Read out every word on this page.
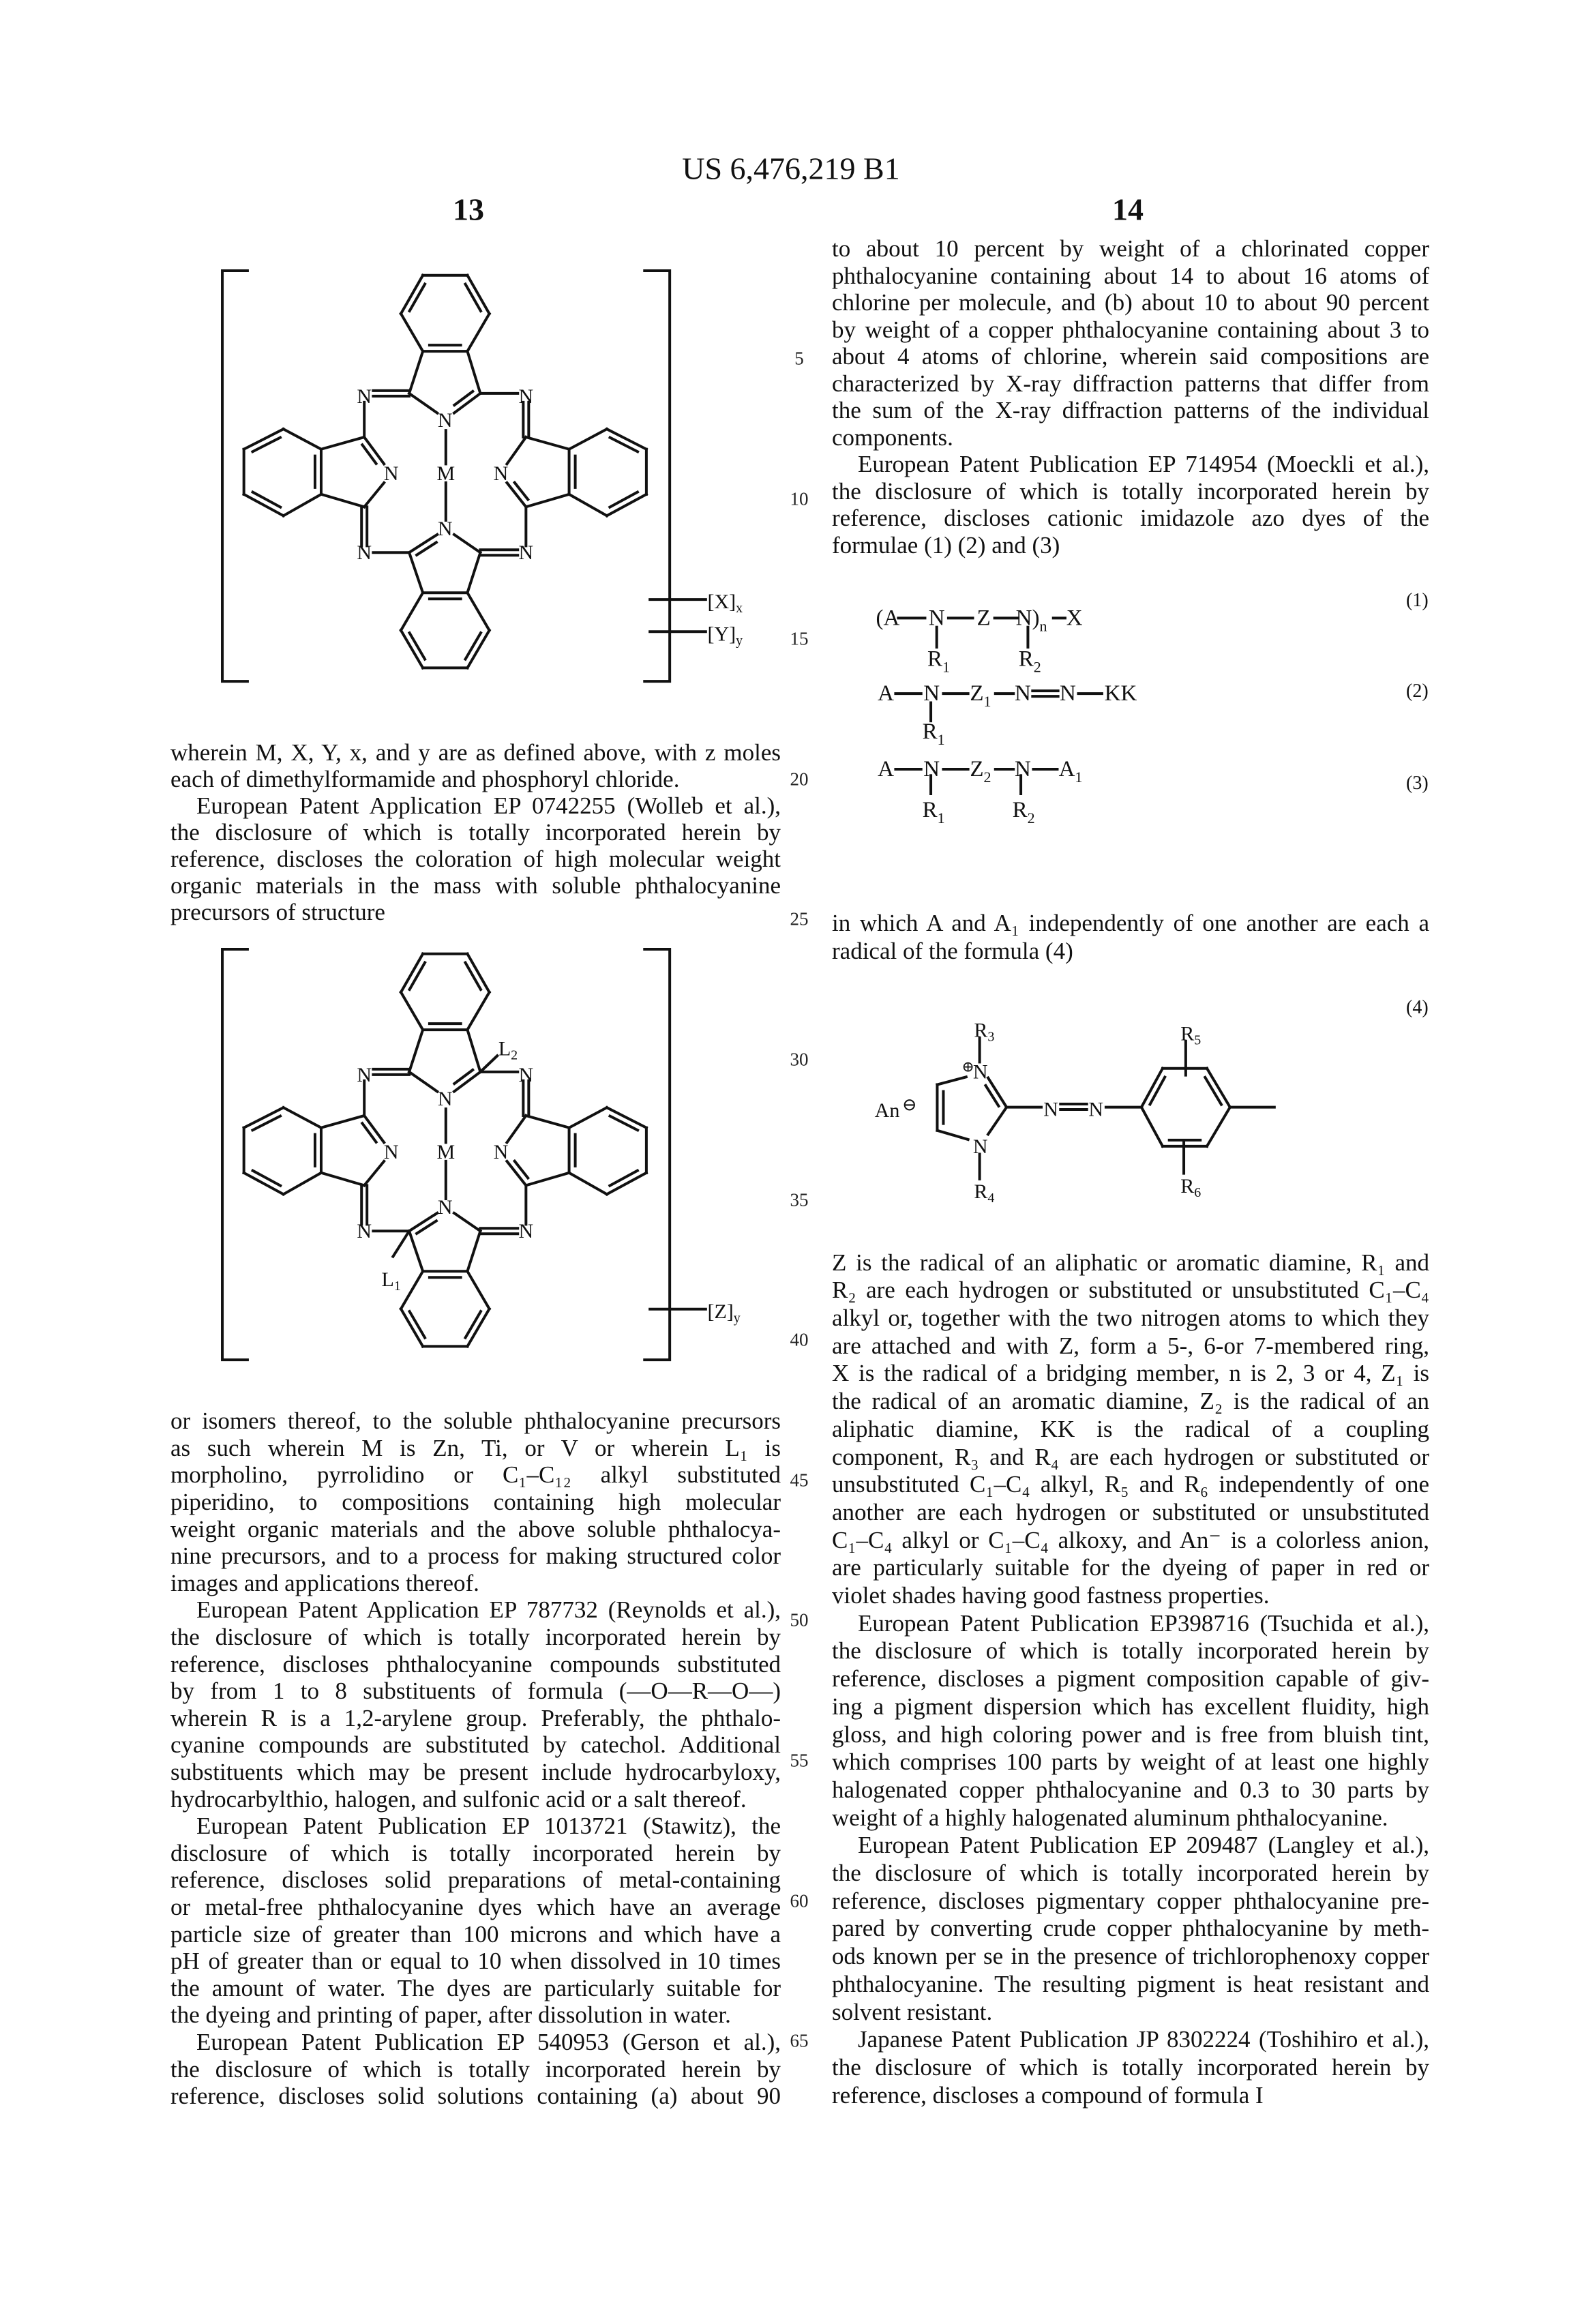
US 6,476,219 B1
13	14
5
10
15
20
25
30
35
40
45
50
55
60
65
wherein M, X, Y, x, and y are as defined above, with z moles
each of dimethylformamide and phosphoryl chloride.
European Patent Application EP 0742255 (Wolleb et al.),
the disclosure of which is totally incorporated herein by
reference, discloses the coloration of high molecular weight
organic materials in the mass with soluble phthalocyanine
precursors of structure
or isomers thereof, to the soluble phthalocyanine precursors
as such wherein M is Zn, Ti, or V or wherein L₁ is
morpholino, pyrrolidino or C₁–C₁₂ alkyl substituted
piperidino, to compositions containing high molecular
weight organic materials and the above soluble phthalocya-
nine precursors, and to a process for making structured color
images and applications thereof.
European Patent Application EP 787732 (Reynolds et al.),
the disclosure of which is totally incorporated herein by
reference, discloses phthalocyanine compounds substituted
by from 1 to 8 substituents of formula (—O—R—O—)
wherein R is a 1,2-arylene group. Preferably, the phthalo-
cyanine compounds are substituted by catechol. Additional
substituents which may be present include hydrocarbyloxy,
hydrocarbylthio, halogen, and sulfonic acid or a salt thereof.
European Patent Publication EP 1013721 (Stawitz), the
disclosure of which is totally incorporated herein by
reference, discloses solid preparations of metal-containing
or metal-free phthalocyanine dyes which have an average
particle size of greater than 100 microns and which have a
pH of greater than or equal to 10 when dissolved in 10 times
the amount of water. The dyes are particularly suitable for
the dyeing and printing of paper, after dissolution in water.
European Patent Publication EP 540953 (Gerson et al.),
the disclosure of which is totally incorporated herein by
reference, discloses solid solutions containing (a) about 90
to about 10 percent by weight of a chlorinated copper
phthalocyanine containing about 14 to about 16 atoms of
chlorine per molecule, and (b) about 10 to about 90 percent
by weight of a copper phthalocyanine containing about 3 to
about 4 atoms of chlorine, wherein said compositions are
characterized by X-ray diffraction patterns that differ from
the sum of the X-ray diffraction patterns of the individual
components.
European Patent Publication EP 714954 (Moeckli et al.),
the disclosure of which is totally incorporated herein by
reference, discloses cationic imidazole azo dyes of the
formulae (1) (2) and (3)
in which A and A₁ independently of one another are each a
radical of the formula (4)
Z is the radical of an aliphatic or aromatic diamine, R₁ and
R₂ are each hydrogen or substituted or unsubstituted C₁–C₄
alkyl or, together with the two nitrogen atoms to which they
are attached and with Z, form a 5-, 6-or 7-membered ring,
X is the radical of a bridging member, n is 2, 3 or 4, Z₁ is
the radical of an aromatic diamine, Z₂ is the radical of an
aliphatic diamine, KK is the radical of a coupling
component, R₃ and R₄ are each hydrogen or substituted or
unsubstituted C₁–C₄ alkyl, R₅ and R₆ independently of one
another are each hydrogen or substituted or unsubstituted
C₁–C₄ alkyl or C₁–C₄ alkoxy, and An⁻ is a colorless anion,
are particularly suitable for the dyeing of paper in red or
violet shades having good fastness properties.
European Patent Publication EP398716 (Tsuchida et al.),
the disclosure of which is totally incorporated herein by
reference, discloses a pigment composition capable of giv-
ing a pigment dispersion which has excellent fluidity, high
gloss, and high coloring power and is free from bluish tint,
which comprises 100 parts by weight of at least one highly
halogenated copper phthalocyanine and 0.3 to 30 parts by
weight of a highly halogenated aluminum phthalocyanine.
European Patent Publication EP 209487 (Langley et al.),
the disclosure of which is totally incorporated herein by
reference, discloses pigmentary copper phthalocyanine pre-
pared by converting crude copper phthalocyanine by meth-
ods known per se in the presence of trichlorophenoxy copper
phthalocyanine. The resulting pigment is heat resistant and
solvent resistant.
Japanese Patent Publication JP 8302224 (Toshihiro et al.),
the disclosure of which is totally incorporated herein by
reference, discloses a compound of formula I
(1)
(2)
(3)
(4)
N	N
N
N	N
N
N	N
M
[X]x
[Y]y
N	N
N
N	N
N
N	N
M
[Z]y
L2
L1
(A N Z N)n X
R1	R2
A N Z1 N N KK
R1
A N Z2 N A1
R1	R2
An ⊖
⊕
N
N
N N
R3
R4
R5
R6
